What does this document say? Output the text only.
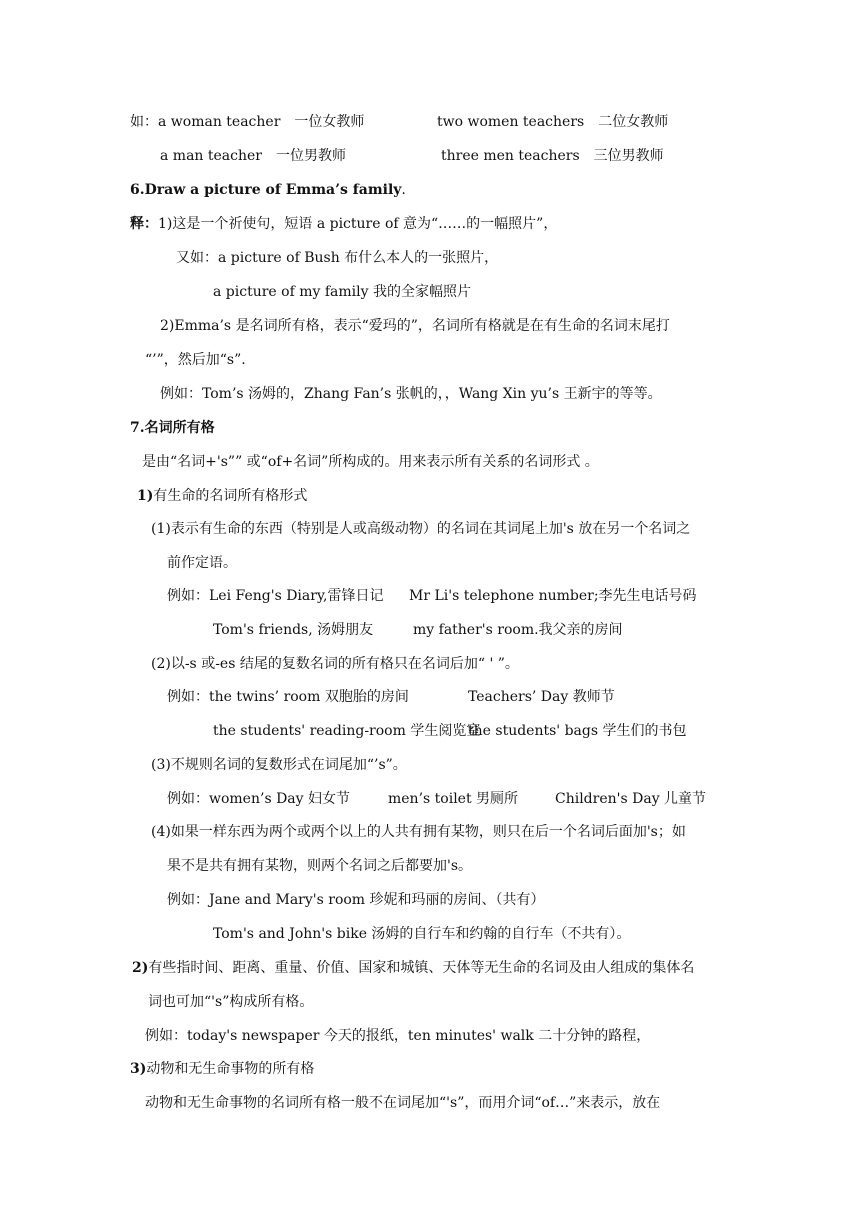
如：a woman teacher　一位女教师	two women teachers　二位女教师
a man teacher　一位男教师	three men teachers　三位男教师
6.Draw a picture of Emma’s family.
释：1)这是一个祈使句，短语 a picture of 意为“……的一幅照片”，
又如：a picture of Bush 布什么本人的一张照片，
a picture of my family 我的全家幅照片
2)Emma’s 是名词所有格，表示“爱玛的”，名词所有格就是在有生命的名词末尾打
“’”，然后加“s”.
例如：Tom’s 汤姆的，Zhang Fan’s 张帆的，，Wang Xin yu’s 王新宇的等等。
7.名词所有格
是由“名词+'s”” 或“of+名词”所构成的。用来表示所有关系的名词形式 。
1)有生命的名词所有格形式
(1)表示有生命的东西（特别是人或高级动物）的名词在其词尾上加's 放在另一个名词之
前作定语。
例如：Lei Feng's Diary,雷锋日记 Mr Li's telephone number;李先生电话号码
Tom's friends, 汤姆朋友	my father's room.我父亲的房间
(2)以-s 或-es 结尾的复数名词的所有格只在名词后加“ ' ”。
例如：the twins’ room 双胞胎的房间	Teachers’ Day 教师节
the students' reading-room 学生阅览室
the students' bags 学生们的书包
(3)不规则名词的复数形式在词尾加“’s”。
例如：women’s Day 妇女节	men’s toilet 男厕所	Children's Day 儿童节
(4)如果一样东西为两个或两个以上的人共有拥有某物，则只在后一个名词后面加's；如
果不是共有拥有某物，则两个名词之后都要加's。
例如：Jane and Mary's room 珍妮和玛丽的房间、（共有）
Tom's and John's bike 汤姆的自行车和约翰的自行车（不共有）。
2)有些指时间、距离、重量、价值、国家和城镇、天体等无生命的名词及由人组成的集体名
词也可加“'s”构成所有格。
例如：today's newspaper 今天的报纸，ten minutes' walk 二十分钟的路程，
3)动物和无生命事物的所有格
动物和无生命事物的名词所有格一般不在词尾加“'s”，而用介词“of…”来表示，放在
